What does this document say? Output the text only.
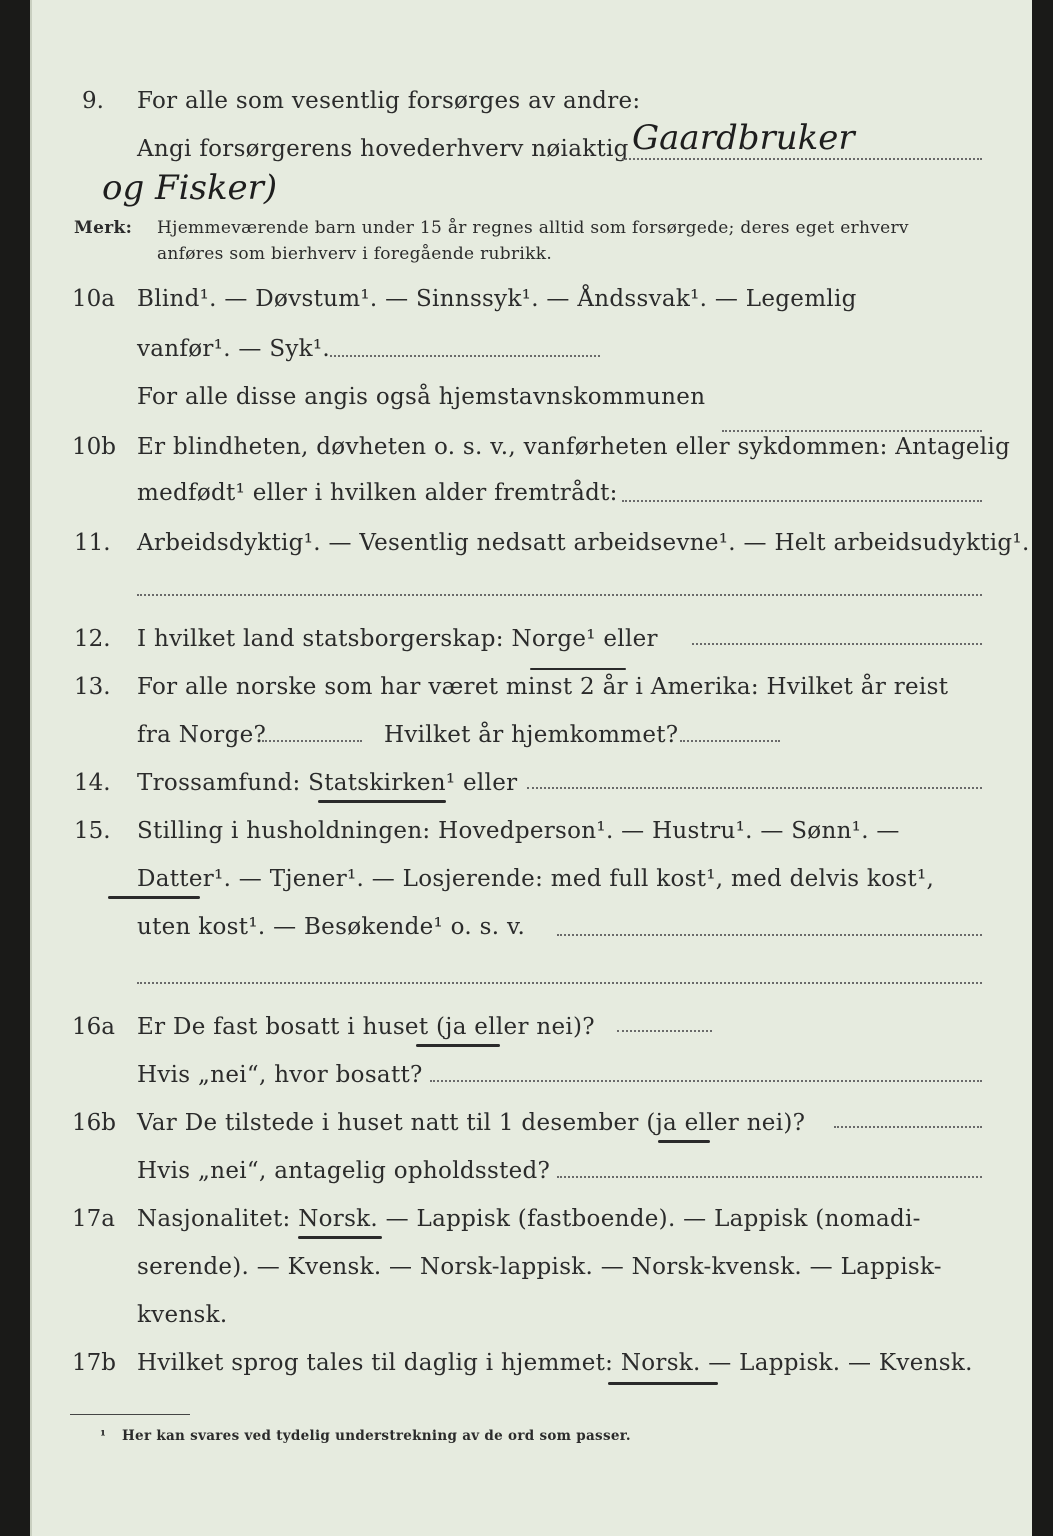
9. For alle som vesentlig forsørges av andre:
Angi forsørgerens hovederhverv nøiaktig Gaardbruker
og Fisker)
Merk: Hjemmeværende barn under 15 år regnes alltid som forsørgede; deres eget erhverv
anføres som bierhverv i foregående rubrikk.
10a Blind¹. — Døvstum¹. — Sinnssyk¹. — Åndssvak¹. — Legemlig
vanfør¹. — Syk¹.
For alle disse angis også hjemstavnskommunen
10b Er blindheten, døvheten o. s. v., vanførheten eller sykdommen: Antagelig
medfødt¹ eller i hvilken alder fremtrådt:
11. Arbeidsdyktig¹. — Vesentlig nedsatt arbeidsevne¹. — Helt arbeidsudyktig¹.
12. I hvilket land statsborgerskap: Norge¹ eller
13. For alle norske som har været minst 2 år i Amerika: Hvilket år reist
fra Norge?	Hvilket år hjemkommet?
14. Trossamfund: Statskirken¹ eller
15. Stilling i husholdningen: Hovedperson¹. — Hustru¹. — Sønn¹. —
Datter¹. — Tjener¹. — Losjerende: med full kost¹, med delvis kost¹,
uten kost¹. — Besøkende¹ o. s. v.
16a Er De fast bosatt i huset (ja eller nei)?
Hvis „nei“, hvor bosatt?
16b Var De tilstede i huset natt til 1 desember (ja eller nei)?
Hvis „nei“, antagelig opholdssted?
17a Nasjonalitet: Norsk. — Lappisk (fastboende). — Lappisk (nomadi-
serende). — Kvensk. — Norsk-lappisk. — Norsk-kvensk. — Lappisk-
kvensk.
17b Hvilket sprog tales til daglig i hjemmet: Norsk. — Lappisk. — Kvensk.
¹ Her kan svares ved tydelig understrekning av de ord som passer.
